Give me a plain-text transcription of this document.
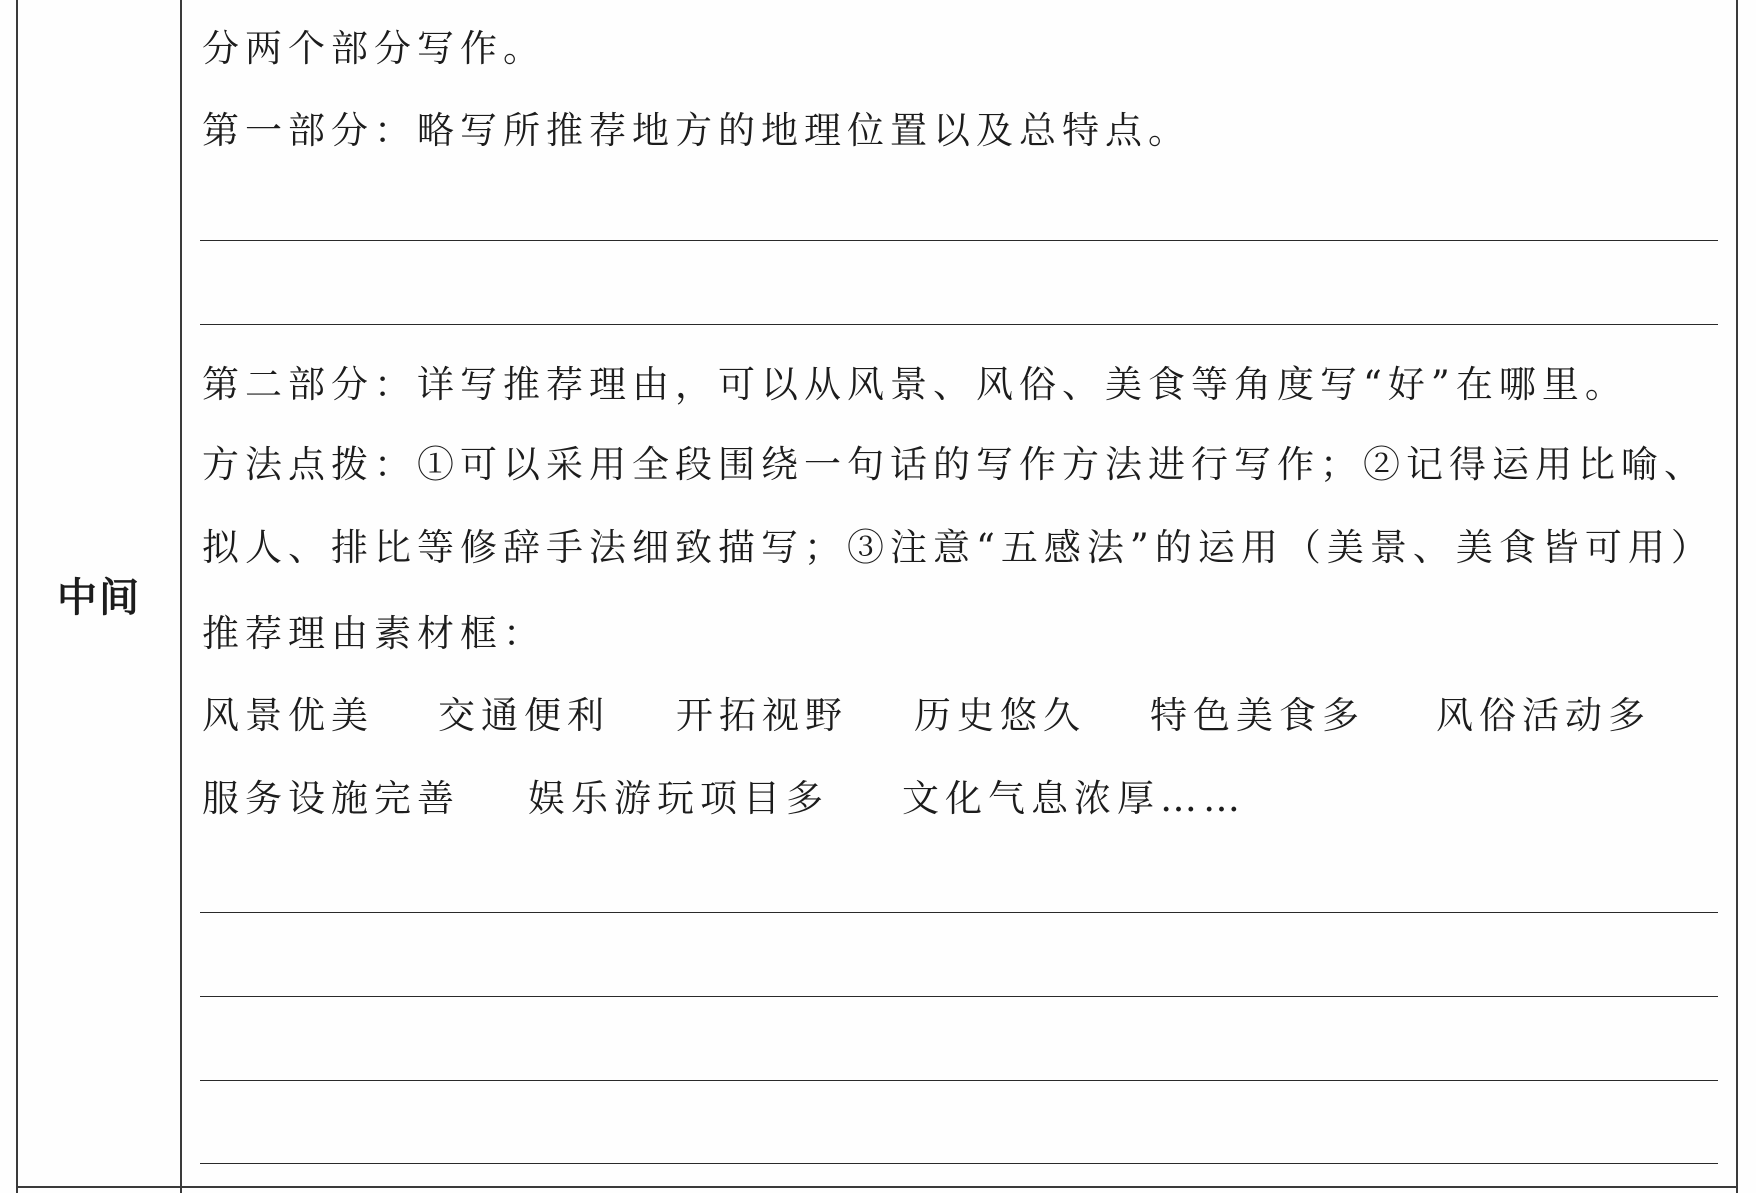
中间
分两个部分写作。
第一部分：略写所推荐地方的地理位置以及总特点。
第二部分：详写推荐理由，可以从风景、风俗、美食等角度写“好”在哪里。
方法点拨：①可以采用全段围绕一句话的写作方法进行写作；②记得运用比喻、
拟人、排比等修辞手法细致描写；③注意“五感法”的运用（美景、美食皆可用）
推荐理由素材框：
风景优美 交通便利 开拓视野 历史悠久 特色美食多 风俗活动多
服务设施完善 娱乐游玩项目多 文化气息浓厚……
